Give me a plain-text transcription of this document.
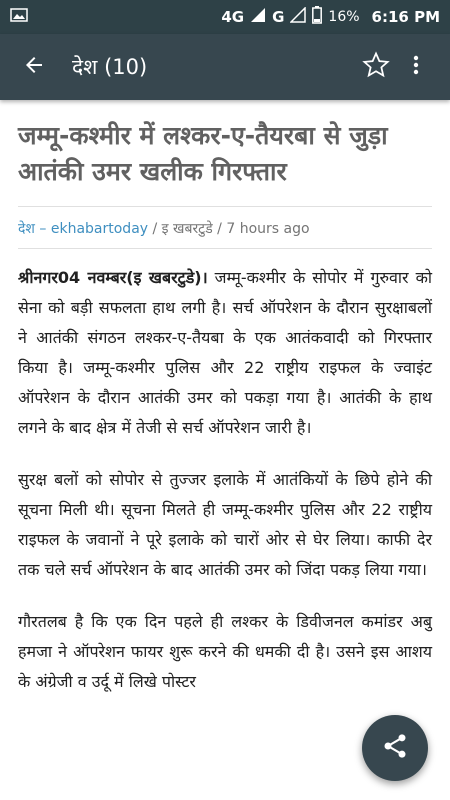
4G G	16% 6:16 PM
देश (10)
जम्मू-कश्मीर में लश्कर-ए-तैयरबा से जुड़ा आतंकी उमर खलीक गिरफ्तार
देश – ekhabartoday / इ खबरटुडे / 7 hours ago

श्रीनगर04 नवम्बर(इ खबरटुडे)। जम्मू-कश्मीर के सोपोर में गुरुवार को सेना को बड़ी सफलता हाथ लगी है। सर्च ऑपरेशन के दौरान सुरक्षाबलों ने आतंकी संगठन लश्कर-ए-तैयबा के एक आतंकवादी को गिरफ्तार किया है। जम्मू-कश्मीर पुलिस और 22 राष्ट्रीय राइफल के ज्वाइंट ऑपरेशन के दौरान आतंकी उमर को पकड़ा गया है। आतंकी के हाथ लगने के बाद क्षेत्र में तेजी से सर्च ऑपरेशन जारी है।

सुरक्ष बलों को सोपोर से तुज्जर इलाके में आतंकियों के छिपे होने की सूचना मिली थी। सूचना मिलते ही जम्मू-कश्मीर पुलिस और 22 राष्ट्रीय राइफल के जवानों ने पूरे इलाके को चारों ओर से घेर लिया। काफी देर तक चले सर्च ऑपरेशन के बाद आतंकी उमर को जिंदा पकड़ लिया गया।

गौरतलब है कि एक दिन पहले ही लश्कर के डिवीजनल कमांडर अबु हमजा ने ऑपरेशन फायर शुरू करने की धमकी दी है। उसने इस आशय के अंग्रेजी व उर्दू में लिखे पोस्टर
